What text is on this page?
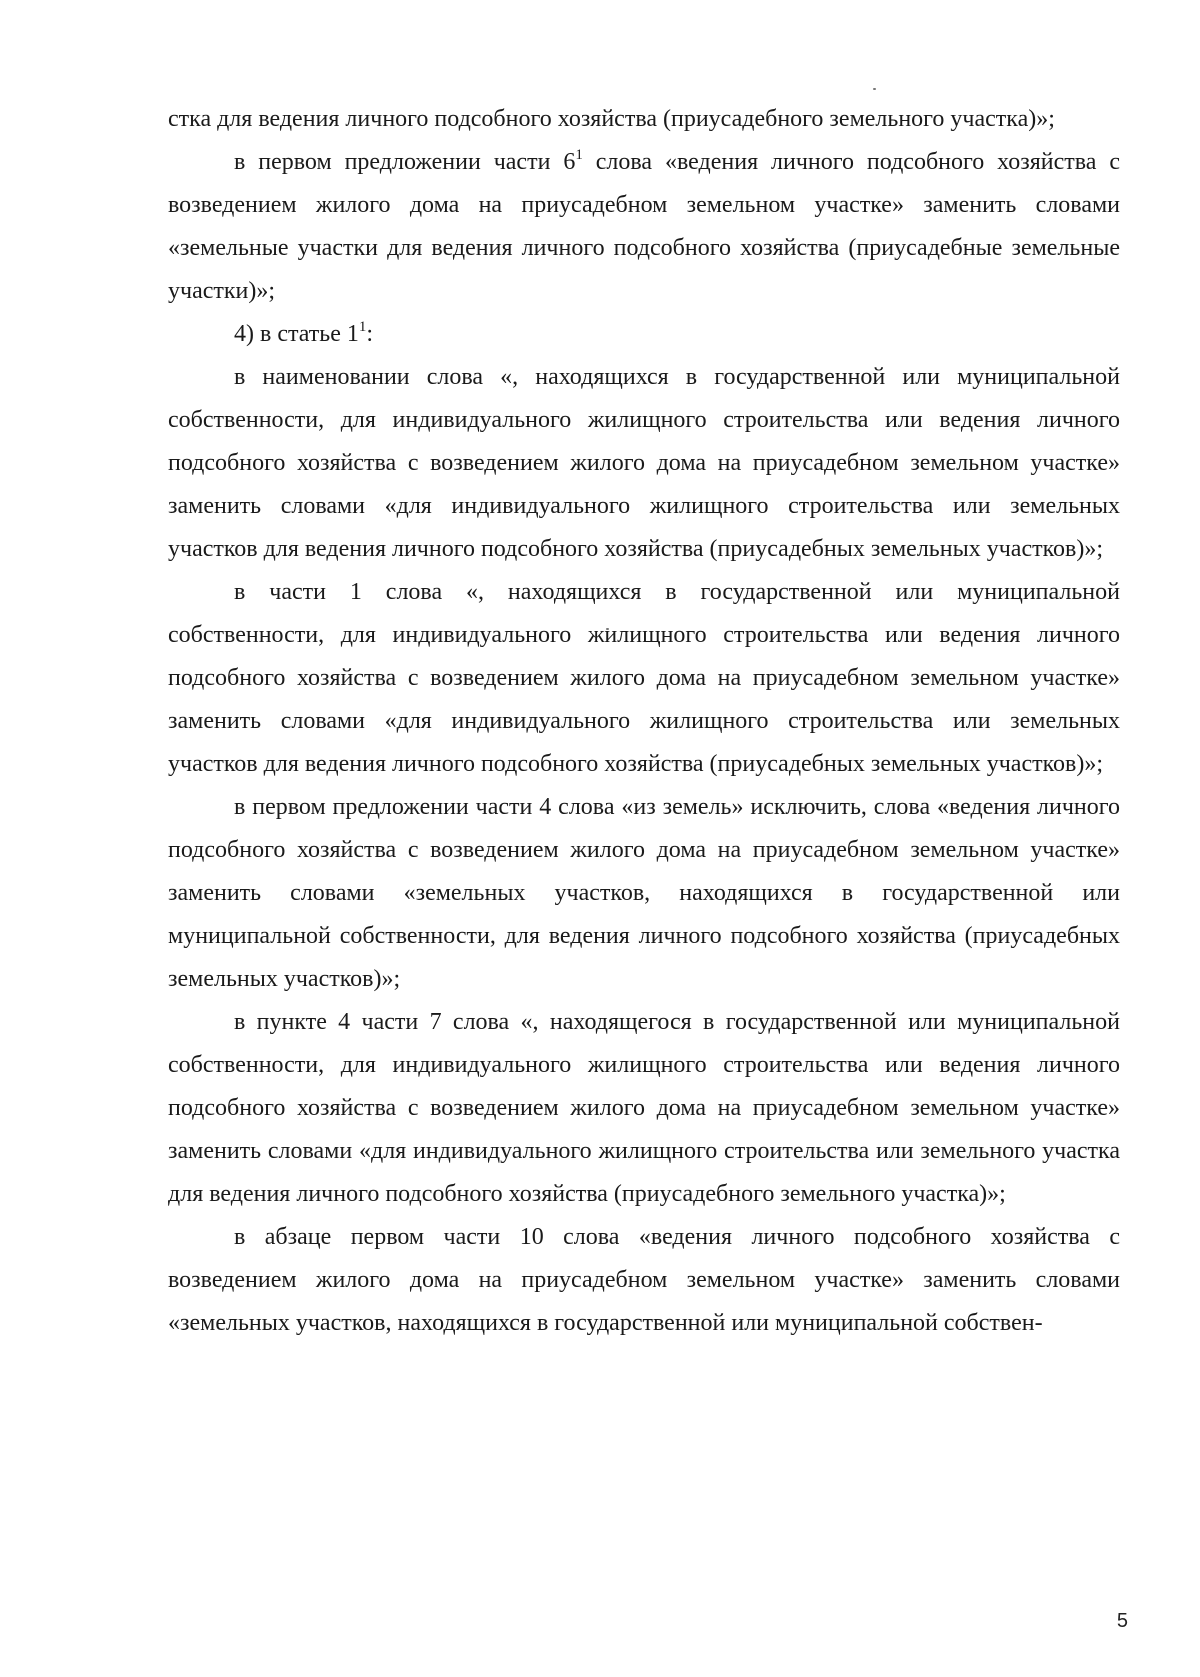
стка для ведения личного подсобного хозяйства (приусадебного земельного участка)»;

в первом предложении части $6^1$ слова «ведения личного подсобного хозяйства с возведением жилого дома на приусадебном земельном участке» заменить словами «земельные участки для ведения личного подсобного хозяйства (приусадебные земельные участки)»;

4) в статье $1^1$:

в наименовании слова «, находящихся в государственной или муниципальной собственности, для индивидуального жилищного строительства или ведения личного подсобного хозяйства с возведением жилого дома на приусадебном земельном участке» заменить словами «для индивидуального жилищного строительства или земельных участков для ведения личного подсобного хозяйства (приусадебных земельных участков)»;

в части 1 слова «, находящихся в государственной или муниципальной собственности, для индивидуального жилищного строительства или ведения личного подсобного хозяйства с возведением жилого дома на приусадебном земельном участке» заменить словами «для индивидуального жилищного строительства или земельных участков для ведения личного подсобного хозяйства (приусадебных земельных участков)»;

в первом предложении части 4 слова «из земель» исключить, слова «ведения личного подсобного хозяйства с возведением жилого дома на приусадебном земельном участке» заменить словами «земельных участков, находящихся в государственной или муниципальной собственности, для ведения личного подсобного хозяйства (приусадебных земельных участков)»;

в пункте 4 части 7 слова «, находящегося в государственной или муниципальной собственности, для индивидуального жилищного строительства или ведения личного подсобного хозяйства с возведением жилого дома на приусадебном земельном участке» заменить словами «для индивидуального жилищного строительства или земельного участка для ведения личного подсобного хозяйства (приусадебного земельного участка)»;

в абзаце первом части 10 слова «ведения личного подсобного хозяйства с возведением жилого дома на приусадебном земельном участке» заменить словами «земельных участков, находящихся в государственной или муниципальной собствен-

5
